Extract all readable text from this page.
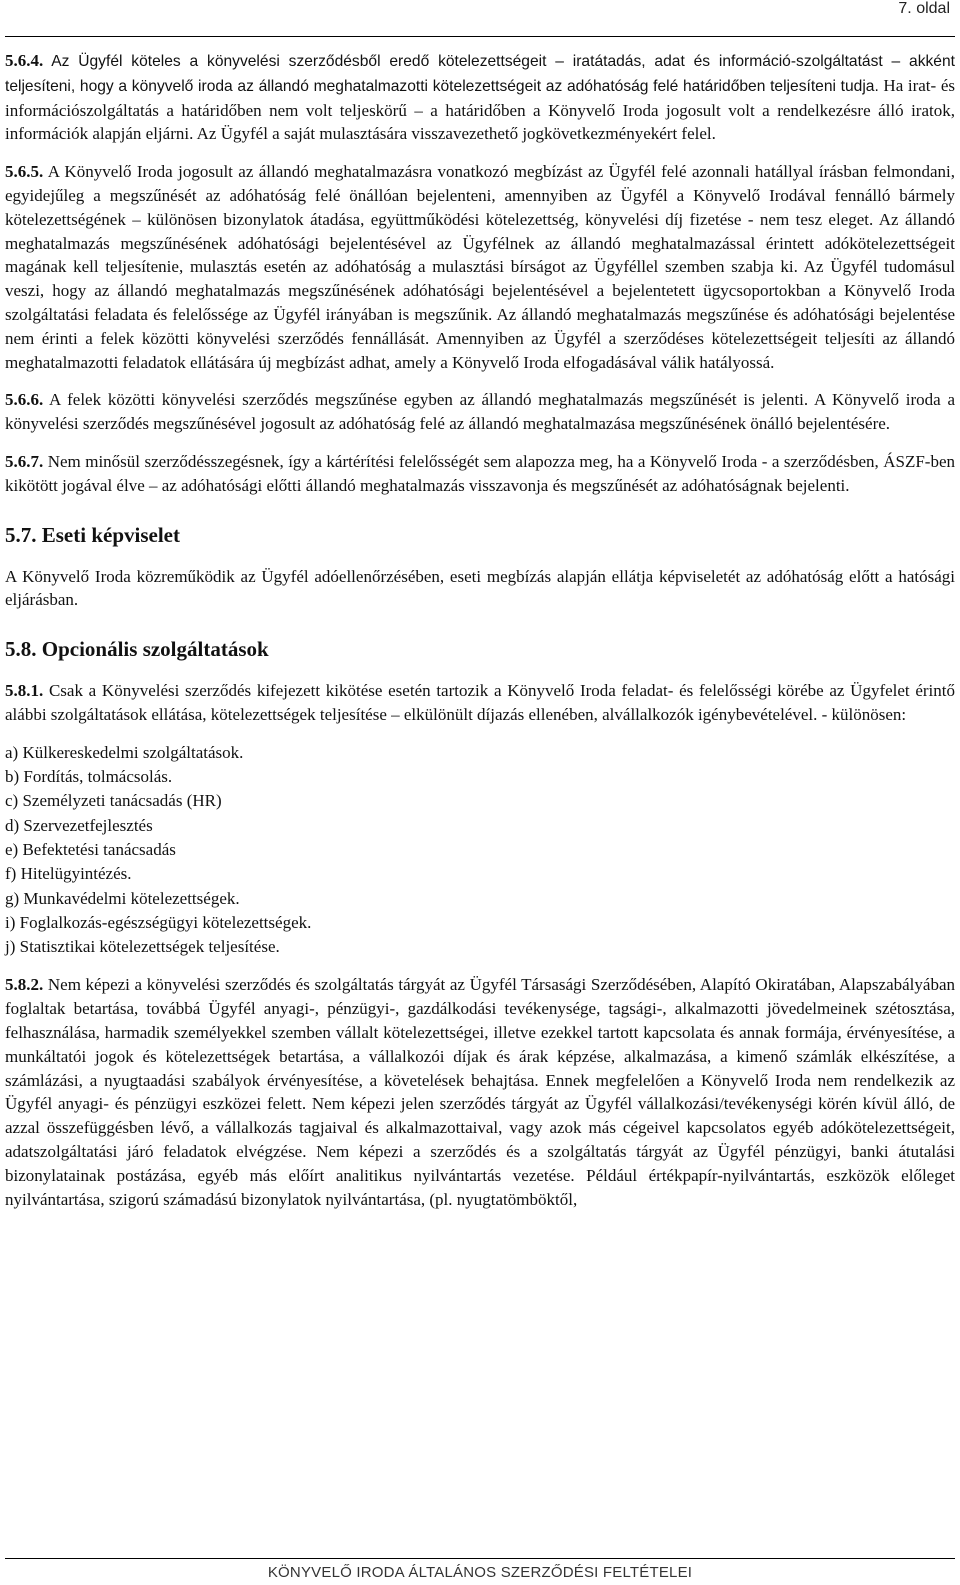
7. oldal

5.6.4. Az Ügyfél köteles a könyvelési szerződésből eredő kötelezettségeit – iratátadás, adat és információ-szolgáltatást – akként teljesíteni, hogy a könyvelő iroda az állandó meghatalmazotti kötelezettségeit az adóhatóság felé határidőben teljesíteni tudja. Ha irat- és információszolgáltatás a határidőben nem volt teljeskörű – a határidőben a Könyvelő Iroda jogosult volt a rendelkezésre álló iratok, információk alapján eljárni. Az Ügyfél a saját mulasztására visszavezethető jogkövetkezményekért felel.

5.6.5. A Könyvelő Iroda jogosult az állandó meghatalmazásra vonatkozó megbízást az Ügyfél felé azonnali hatállyal írásban felmondani, egyidejűleg a megszűnését az adóhatóság felé önállóan bejelenteni, amennyiben az Ügyfél a Könyvelő Irodával fennálló bármely kötelezettségének – különösen bizonylatok átadása, együttműködési kötelezettség, könyvelési díj fizetése - nem tesz eleget. Az állandó meghatalmazás megszűnésének adóhatósági bejelentésével az Ügyfélnek az állandó meghatalmazással érintett adókötelezettségeit magának kell teljesítenie, mulasztás esetén az adóhatóság a mulasztási bírságot az Ügyféllel szemben szabja ki. Az Ügyfél tudomásul veszi, hogy az állandó meghatalmazás megszűnésének adóhatósági bejelentésével a bejelentetett ügycsoportokban a Könyvelő Iroda szolgáltatási feladata és felelőssége az Ügyfél irányában is megszűnik. Az állandó meghatalmazás megszűnése és adóhatósági bejelentése nem érinti a felek közötti könyvelési szerződés fennállását. Amennyiben az Ügyfél a szerződéses kötelezettségeit teljesíti az állandó meghatalmazotti feladatok ellátására új megbízást adhat, amely a Könyvelő Iroda elfogadásával válik hatályossá.

5.6.6. A felek közötti könyvelési szerződés megszűnése egyben az állandó meghatalmazás megszűnését is jelenti. A Könyvelő iroda a könyvelési szerződés megszűnésével jogosult az adóhatóság felé az állandó meghatalmazása megszűnésének önálló bejelentésére.

5.6.7. Nem minősül szerződésszegésnek, így a kártérítési felelősségét sem alapozza meg, ha a Könyvelő Iroda - a szerződésben, ÁSZF-ben kikötött jogával élve – az adóhatósági előtti állandó meghatalmazás visszavonja és megszűnését az adóhatóságnak bejelenti.

5.7. Eseti képviselet

A Könyvelő Iroda közreműködik az Ügyfél adóellenőrzésében, eseti megbízás alapján ellátja képviseletét az adóhatóság előtt a hatósági eljárásban.

5.8. Opcionális szolgáltatások

5.8.1. Csak a Könyvelési szerződés kifejezett kikötése esetén tartozik a Könyvelő Iroda feladat- és felelősségi körébe az Ügyfelet érintő alábbi szolgáltatások ellátása, kötelezettségek teljesítése – elkülönült díjazás ellenében, alvállalkozók igénybevételével. - különösen:

a) Külkereskedelmi szolgáltatások.
b) Fordítás, tolmácsolás.
c) Személyzeti tanácsadás (HR)
d) Szervezetfejlesztés
e) Befektetési tanácsadás
f) Hitelügyintézés.
g) Munkavédelmi kötelezettségek.
i) Foglalkozás-egészségügyi kötelezettségek.
j) Statisztikai kötelezettségek teljesítése.

5.8.2. Nem képezi a könyvelési szerződés és szolgáltatás tárgyát az Ügyfél Társasági Szerződésében, Alapító Okiratában, Alapszabályában foglaltak betartása, továbbá Ügyfél anyagi-, pénzügyi-, gazdálkodási tevékenysége, tagsági-, alkalmazotti jövedelmeinek szétosztása, felhasználása, harmadik személyekkel szemben vállalt kötelezettségei, illetve ezekkel tartott kapcsolata és annak formája, érvényesítése, a munkáltatói jogok és kötelezettségek betartása, a vállalkozói díjak és árak képzése, alkalmazása, a kimenő számlák elkészítése, a számlázási, a nyugtaadási szabályok érvényesítése, a követelések behajtása. Ennek megfelelően a Könyvelő Iroda nem rendelkezik az Ügyfél anyagi- és pénzügyi eszközei felett. Nem képezi jelen szerződés tárgyát az Ügyfél vállalkozási/tevékenységi körén kívül álló, de azzal összefüggésben lévő, a vállalkozás tagjaival és alkalmazottaival, vagy azok más cégeivel kapcsolatos egyéb adókötelezettségeit, adatszolgáltatási járó feladatok elvégzése. Nem képezi a szerződés és a szolgáltatás tárgyát az Ügyfél pénzügyi, banki átutalási bizonylatainak postázása, egyéb más előírt analitikus nyilvántartás vezetése. Például értékpapír-nyilvántartás, eszközök előleget nyilvántartása, szigorú számadású bizonylatok nyilvántartása, (pl. nyugtatömböktől,

KÖNYVELŐ IRODA ÁLTALÁNOS SZERZŐDÉSI FELTÉTELEI
